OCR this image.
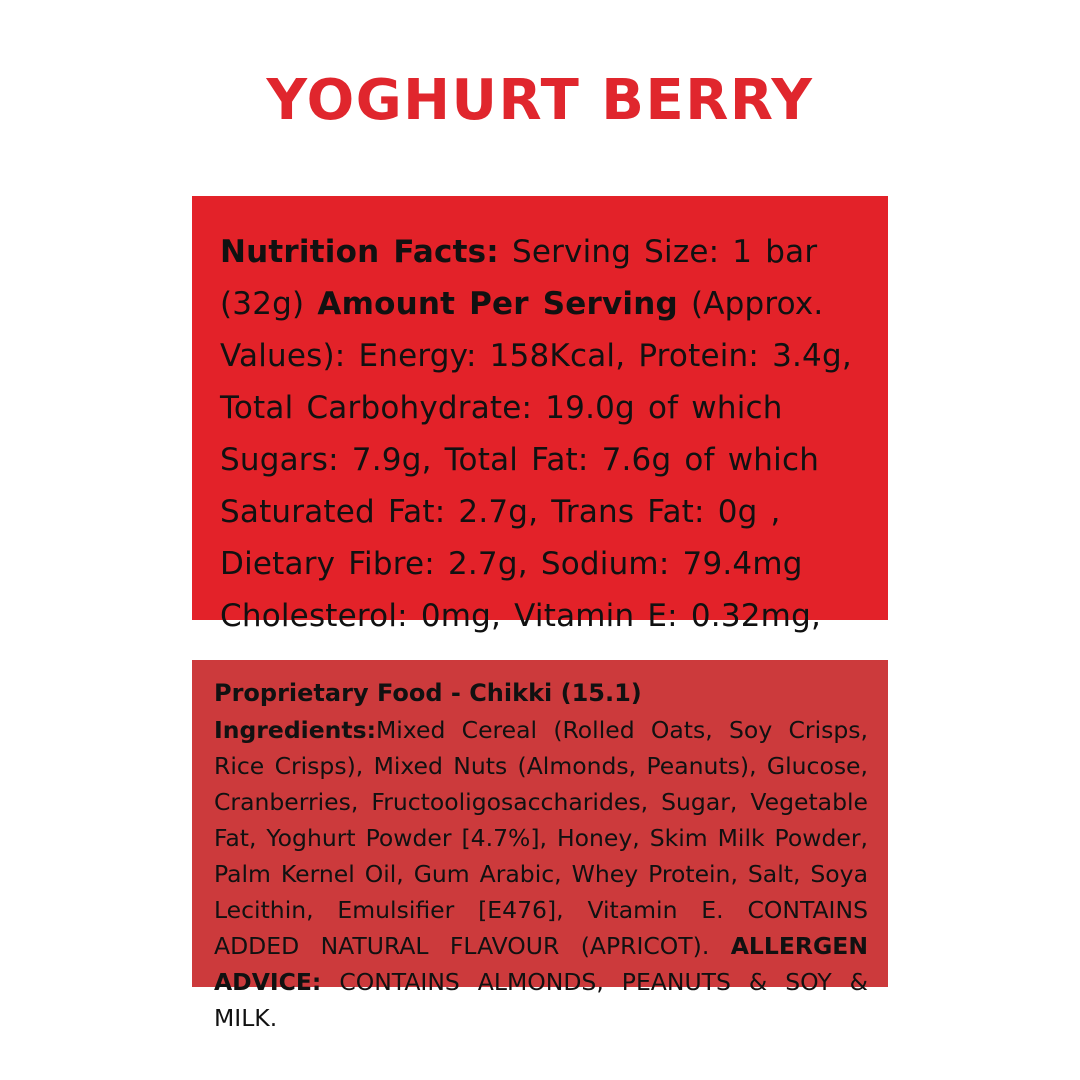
YOGHURT BERRY
Nutrition Facts: Serving Size: 1 bar (32g) Amount Per Serving (Approx. Values): Energy: 158Kcal, Protein: 3.4g, Total Carbohydrate: 19.0g of which Sugars: 7.9g, Total Fat: 7.6g of which Saturated Fat: 2.7g, Trans Fat: 0g , Dietary Fibre: 2.7g, Sodium: 79.4mg Cholesterol: 0mg, Vitamin E: 0.32mg,
Proprietary Food - Chikki (15.1)
Ingredients:Mixed Cereal (Rolled Oats, Soy Crisps, Rice Crisps), Mixed Nuts (Almonds, Peanuts), Glucose, Cranberries, Fructooligosaccharides, Sugar, Vegetable Fat, Yoghurt Powder [4.7%], Honey, Skim Milk Powder, Palm Kernel Oil, Gum Arabic, Whey Protein, Salt, Soya Lecithin, Emulsifier [E476], Vitamin E. CONTAINS ADDED NATURAL FLAVOUR (APRICOT). ALLERGEN ADVICE: CONTAINS ALMONDS, PEANUTS & SOY & MILK.
